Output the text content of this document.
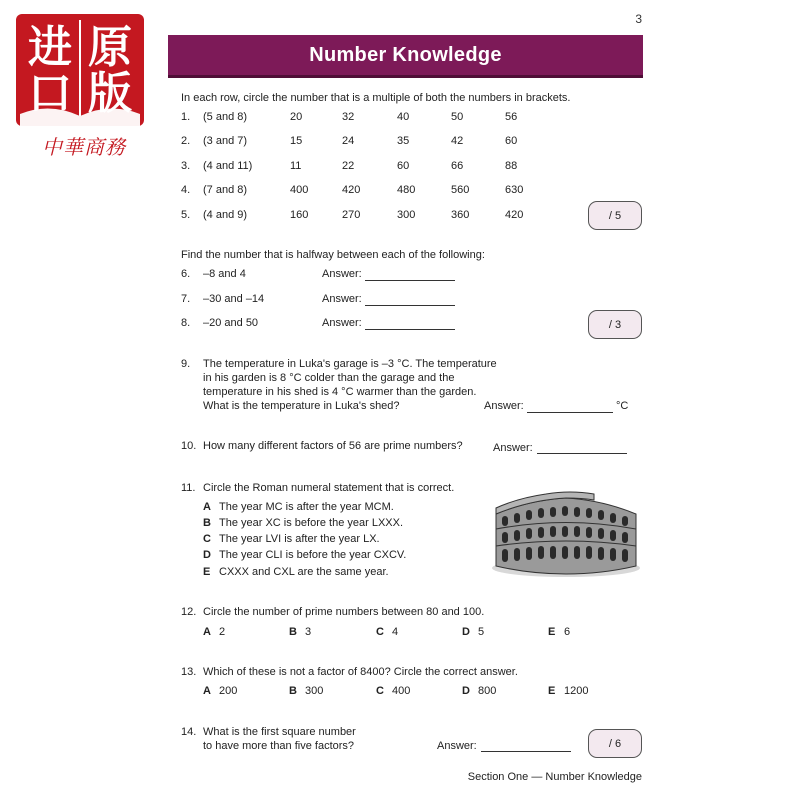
3
进 原
口 版
中華商務
Number Knowledge
In each row, circle the number that is a multiple of both the numbers in brackets.
1. (5 and 8)	20	32	40	50	56
2. (3 and 7)	15	24	35	42	60
3. (4 and 11)	11	22	60	66	88
4. (7 and 8)	400	420	480	560	630
5. (4 and 9)	160	270	300	360	420	/ 5
Find the number that is halfway between each of the following:
6. –8 and 4	Answer:
7. –30 and –14	Answer:
8. –20 and 50	Answer:	/ 3
9. The temperature in Luka's garage is –3 °C. The temperature
in his garden is 8 °C colder than the garage and the
temperature in his shed is 4 °C warmer than the garden.
What is the temperature in Luka's shed?	Answer:	°C
10. How many different factors of 56 are prime numbers?	Answer:
11. Circle the Roman numeral statement that is correct.
A The year MC is after the year MCM.
B The year XC is before the year LXXX.
C The year LVI is after the year LX.
D The year CLI is before the year CXCV.
E CXXX and CXL are the same year.
12. Circle the number of prime numbers between 80 and 100.
A 2	B 3	C 4	D 5	E 6
13. Which of these is not a factor of 8400? Circle the correct answer.
A 200	B 300	C 400	D 800	E 1200
14. What is the first square number
to have more than five factors?	Answer:	/ 6
Section One — Number Knowledge
